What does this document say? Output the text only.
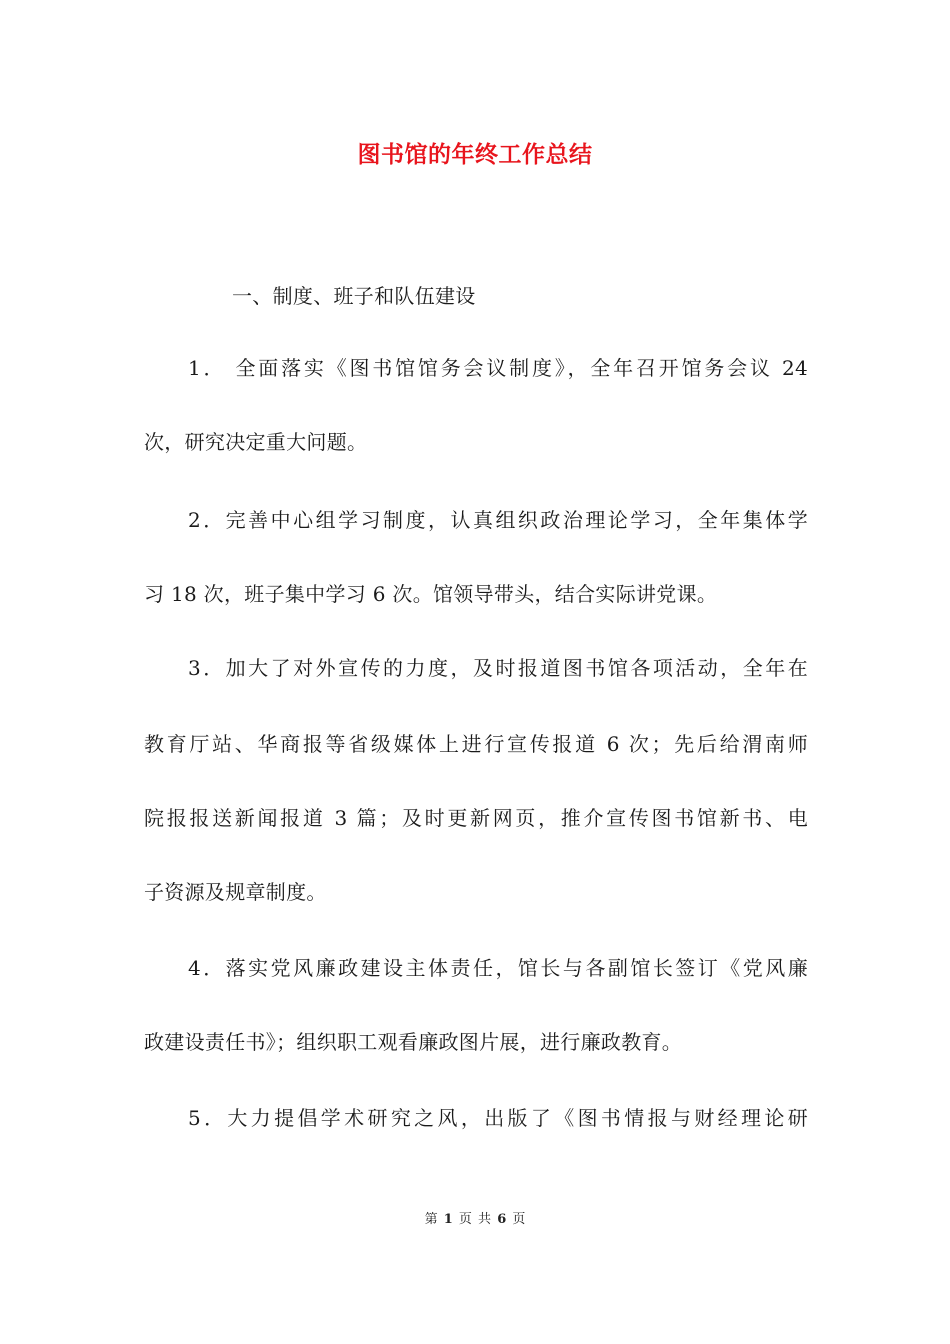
图书馆的年终工作总结
一、制度、班子和队伍建设
1． 全面落实《图书馆馆务会议制度》，全年召开馆务会议 24
次，研究决定重大问题。
2．完善中心组学习制度，认真组织政治理论学习，全年集体学
习 18 次，班子集中学习 6 次。馆领导带头，结合实际讲党课。
3．加大了对外宣传的力度，及时报道图书馆各项活动，全年在
教育厅站、华商报等省级媒体上进行宣传报道 6 次；先后给渭南师
院报报送新闻报道 3 篇；及时更新网页，推介宣传图书馆新书、电
子资源及规章制度。
4．落实党风廉政建设主体责任，馆长与各副馆长签订《党风廉
政建设责任书》；组织职工观看廉政图片展，进行廉政教育。
5．大力提倡学术研究之风，出版了《图书情报与财经理论研
第 1 页 共 6 页
